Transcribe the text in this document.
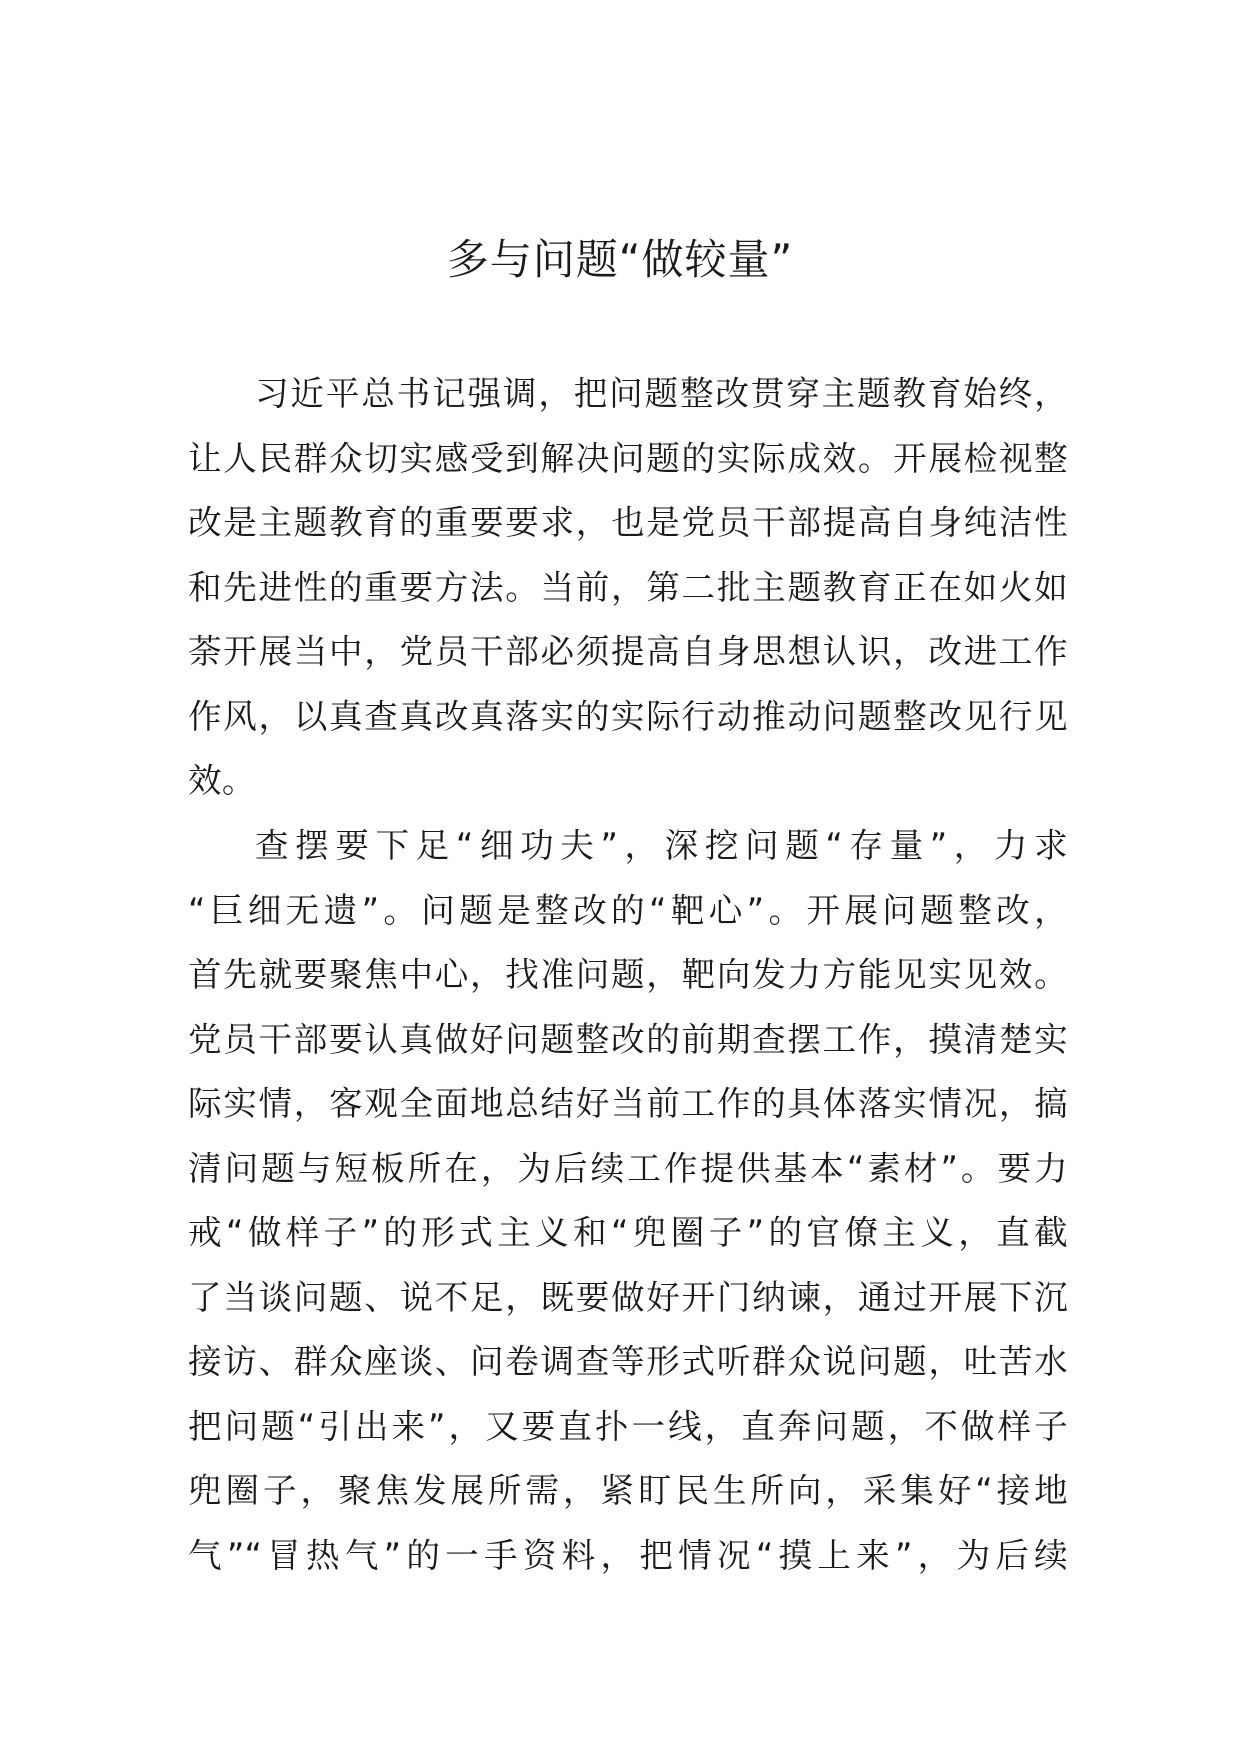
多与问题“做较量”
习近平总书记强调，把问题整改贯穿主题教育始终，
让人民群众切实感受到解决问题的实际成效。开展检视整
改是主题教育的重要要求，也是党员干部提高自身纯洁性
和先进性的重要方法。当前，第二批主题教育正在如火如
荼开展当中，党员干部必须提高自身思想认识，改进工作
作风，以真查真改真落实的实际行动推动问题整改见行见
效。
查摆要下足“细功夫”，深挖问题“存量”，力求
“巨细无遗”。问题是整改的“靶心”。开展问题整改，
首先就要聚焦中心，找准问题，靶向发力方能见实见效。
党员干部要认真做好问题整改的前期查摆工作，摸清楚实
际实情，客观全面地总结好当前工作的具体落实情况，搞
清问题与短板所在，为后续工作提供基本“素材”。要力
戒“做样子”的形式主义和“兜圈子”的官僚主义，直截
了当谈问题、说不足，既要做好开门纳谏，通过开展下沉
接访、群众座谈、问卷调查等形式听群众说问题，吐苦水
把问题“引出来”，又要直扑一线，直奔问题，不做样子
兜圈子，聚焦发展所需，紧盯民生所向，采集好“接地
气”“冒热气”的一手资料，把情况“摸上来”，为后续
